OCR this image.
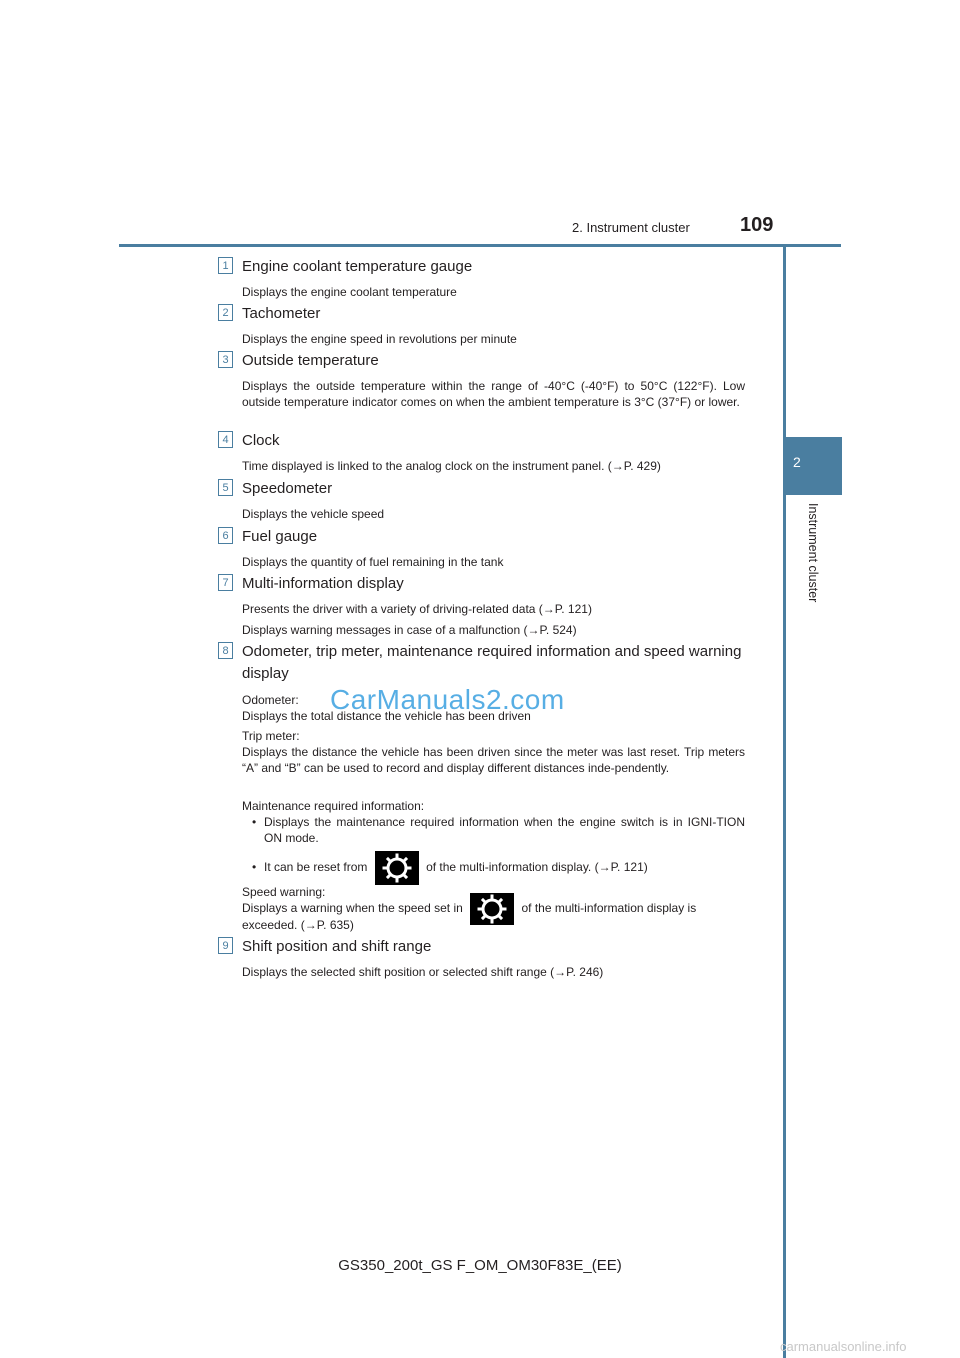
2. Instrument cluster	109
2
Instrument cluster
1 Engine coolant temperature gauge
Displays the engine coolant temperature
2 Tachometer
Displays the engine speed in revolutions per minute
3 Outside temperature
Displays the outside temperature within the range of -40°C (-40°F) to 50°C (122°F). Low outside temperature indicator comes on when the ambient temperature is 3°C (37°F) or lower.
4 Clock
Time displayed is linked to the analog clock on the instrument panel. (→P. 429)
5 Speedometer
Displays the vehicle speed
6 Fuel gauge
Displays the quantity of fuel remaining in the tank
7 Multi-information display
Presents the driver with a variety of driving-related data (→P. 121)
Displays warning messages in case of a malfunction (→P. 524)
8 Odometer, trip meter, maintenance required information and speed warning display
Odometer:
Displays the total distance the vehicle has been driven
Trip meter:
Displays the distance the vehicle has been driven since the meter was last reset. Trip meters “A” and “B” can be used to record and display different distances inde-pendently.
Maintenance required information:
• Displays the maintenance required information when the engine switch is in IGNI-TION ON mode.
• It can be reset from	of the multi-information display. (→P. 121)
Speed warning:
Displays a warning when the speed set in	of the multi-information display is
exceeded. (→P. 635)
9 Shift position and shift range
Displays the selected shift position or selected shift range (→P. 246)
CarManuals2.com
GS350_200t_GS F_OM_OM30F83E_(EE)
carmanualsonline.info
